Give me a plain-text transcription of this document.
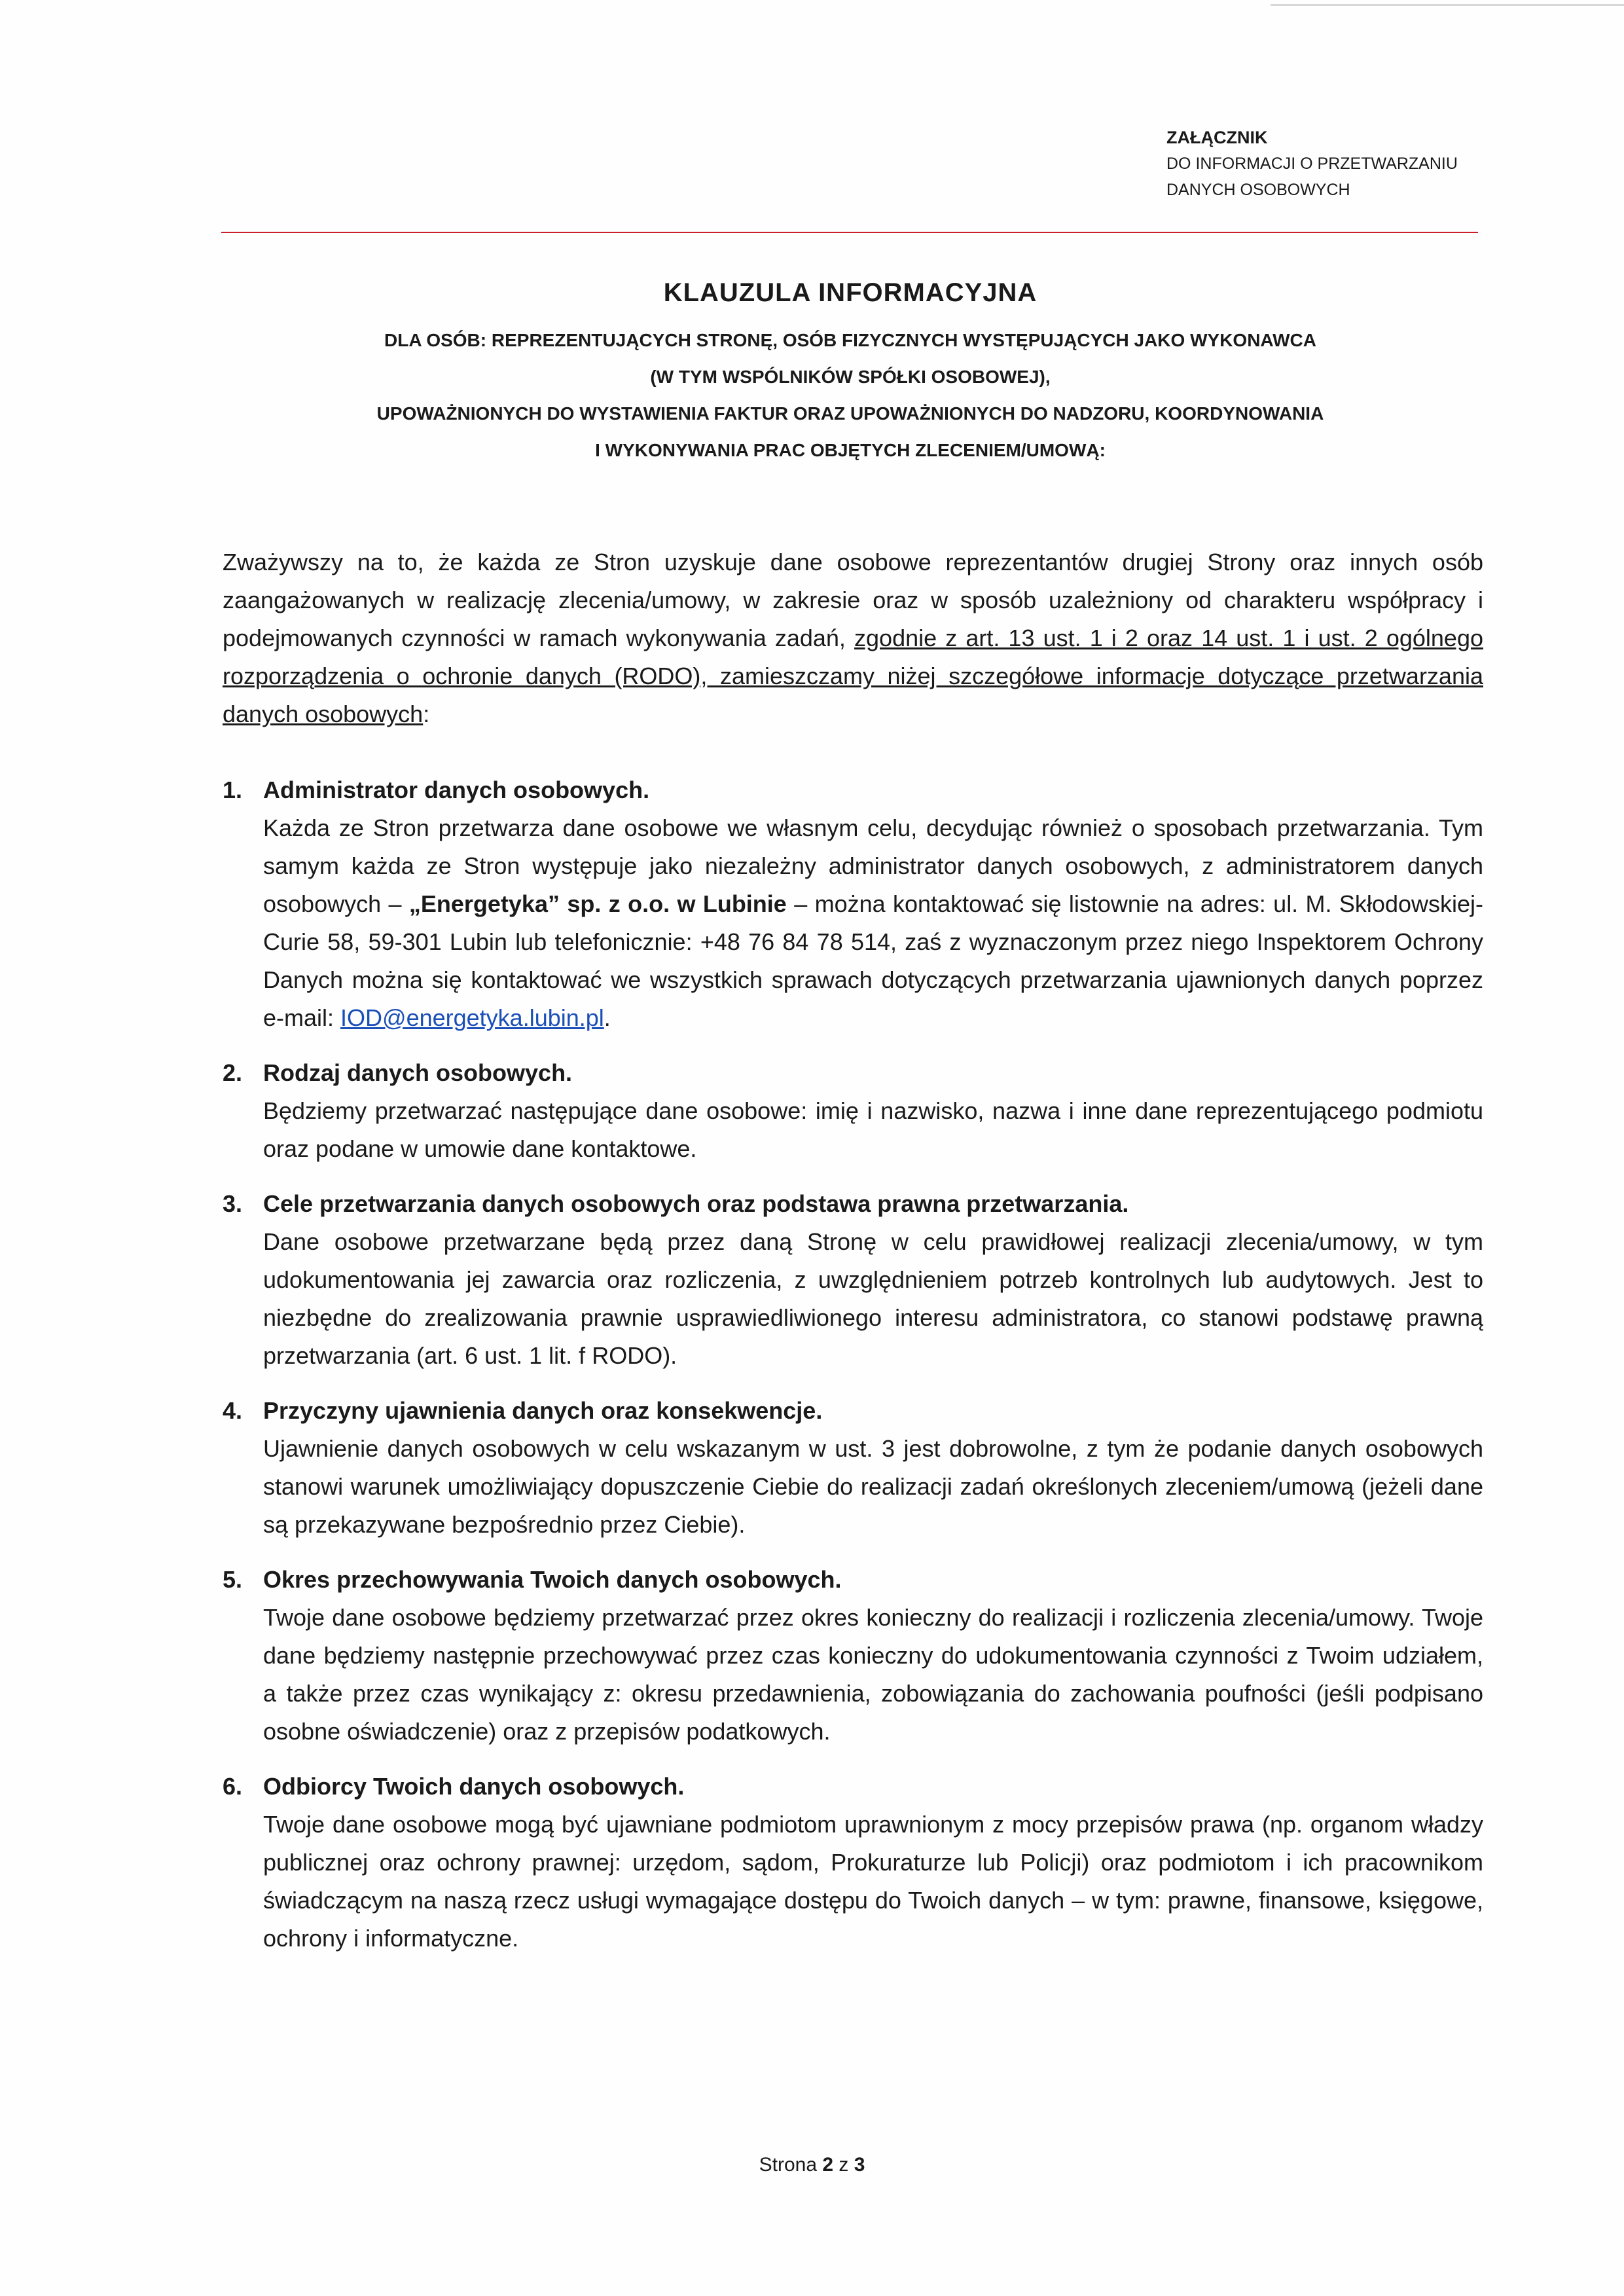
ZAŁĄCZNIK
DO INFORMACJI O PRZETWARZANIU
DANYCH OSOBOWYCH
KLAUZULA INFORMACYJNA
DLA OSÓB: REPREZENTUJĄCYCH STRONĘ, OSÓB FIZYCZNYCH WYSTĘPUJĄCYCH JAKO WYKONAWCA
(W TYM WSPÓLNIKÓW SPÓŁKI OSOBOWEJ),
UPOWAŻNIONYCH DO WYSTAWIENIA FAKTUR ORAZ UPOWAŻNIONYCH DO NADZORU, KOORDYNOWANIA
I WYKONYWANIA PRAC OBJĘTYCH ZLECENIEM/UMOWĄ:
Zważywszy na to, że każda ze Stron uzyskuje dane osobowe reprezentantów drugiej Strony oraz innych osób zaangażowanych w realizację zlecenia/umowy, w zakresie oraz w sposób uzależniony od charakteru współpracy i podejmowanych czynności w ramach wykonywania zadań, zgodnie z art. 13 ust. 1 i 2 oraz 14 ust. 1 i ust. 2 ogólnego rozporządzenia o ochronie danych (RODO), zamieszczamy niżej szczegółowe informacje dotyczące przetwarzania danych osobowych:
1. Administrator danych osobowych.
Każda ze Stron przetwarza dane osobowe we własnym celu, decydując również o sposobach przetwarzania. Tym samym każda ze Stron występuje jako niezależny administrator danych osobowych, z administratorem danych osobowych – „Energetyka” sp. z o.o. w Lubinie – można kontaktować się listownie na adres: ul. M. Skłodowskiej-Curie 58, 59-301 Lubin lub telefonicznie: +48 76 84 78 514, zaś z wyznaczonym przez niego Inspektorem Ochrony Danych można się kontaktować we wszystkich sprawach dotyczących przetwarzania ujawnionych danych poprzez e-mail: IOD@energetyka.lubin.pl.
2. Rodzaj danych osobowych.
Będziemy przetwarzać następujące dane osobowe: imię i nazwisko, nazwa i inne dane reprezentującego podmiotu oraz podane w umowie dane kontaktowe.
3. Cele przetwarzania danych osobowych oraz podstawa prawna przetwarzania.
Dane osobowe przetwarzane będą przez daną Stronę w celu prawidłowej realizacji zlecenia/umowy, w tym udokumentowania jej zawarcia oraz rozliczenia, z uwzględnieniem potrzeb kontrolnych lub audytowych. Jest to niezbędne do zrealizowania prawnie usprawiedliwionego interesu administratora, co stanowi podstawę prawną przetwarzania (art. 6 ust. 1 lit. f RODO).
4. Przyczyny ujawnienia danych oraz konsekwencje.
Ujawnienie danych osobowych w celu wskazanym w ust. 3 jest dobrowolne, z tym że podanie danych osobowych stanowi warunek umożliwiający dopuszczenie Ciebie do realizacji zadań określonych zleceniem/umową (jeżeli dane są przekazywane bezpośrednio przez Ciebie).
5. Okres przechowywania Twoich danych osobowych.
Twoje dane osobowe będziemy przetwarzać przez okres konieczny do realizacji i rozliczenia zlecenia/umowy. Twoje dane będziemy następnie przechowywać przez czas konieczny do udokumentowania czynności z Twoim udziałem, a także przez czas wynikający z: okresu przedawnienia, zobowiązania do zachowania poufności (jeśli podpisano osobne oświadczenie) oraz z przepisów podatkowych.
6. Odbiorcy Twoich danych osobowych.
Twoje dane osobowe mogą być ujawniane podmiotom uprawnionym z mocy przepisów prawa (np. organom władzy publicznej oraz ochrony prawnej: urzędom, sądom, Prokuraturze lub Policji) oraz podmiotom i ich pracownikom świadczącym na naszą rzecz usługi wymagające dostępu do Twoich danych – w tym: prawne, finansowe, księgowe, ochrony i informatyczne.
Strona 2 z 3
